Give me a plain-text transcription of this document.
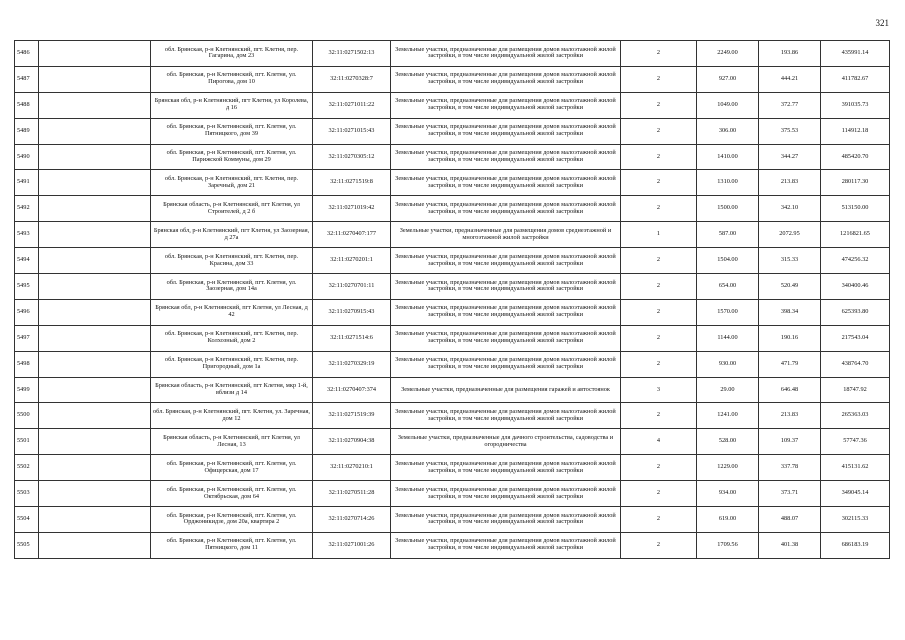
321
5486		обл. Брянская, р-н Клетнянский, пгт. Клетня, пер. Гагарина, дом 23	32:11:0271502:13	Земельные участки, предназначенные для размещения домов малоэтажной жилой застройки, в том числе индивидуальной жилой застройки	2	2249.00	193.86	435991.14
5487		обл. Брянская, р-н Клетнянский, пгт. Клетня, ул. Пирогова, дом 10	32:11:0270328:7	Земельные участки, предназначенные для размещения домов малоэтажной жилой застройки, в том числе индивидуальной жилой застройки	2	927.00	444.21	411782.67
5488		Брянская обл, р-н Клетнянский, пгт Клетня, ул Королева, д 16	32:11:0271011:22	Земельные участки, предназначенные для размещения домов малоэтажной жилой застройки, в том числе индивидуальной жилой застройки	2	1049.00	372.77	391035.73
5489		обл. Брянская, р-н Клетнянский, пгт. Клетня, ул. Пятницкого, дом 39	32:11:0271015:43	Земельные участки, предназначенные для размещения домов малоэтажной жилой застройки, в том числе индивидуальной жилой застройки	2	306.00	375.53	114912.18
5490		обл. Брянская, р-н Клетнянский, пгт. Клетня, ул. Парижской Коммуны, дом 29	32:11:0270305:12	Земельные участки, предназначенные для размещения домов малоэтажной жилой застройки, в том числе индивидуальной жилой застройки	2	1410.00	344.27	485420.70
5491		обл. Брянская, р-н Клетнянский, пгт. Клетня, пер. Заречный, дом 21	32:11:0271519:8	Земельные участки, предназначенные для размещения домов малоэтажной жилой застройки, в том числе индивидуальной жилой застройки	2	1310.00	213.83	280117.30
5492		Брянская область, р-н Клетнянский, пгт Клетня, ул Строителей, д 2 б	32:11:0271019:42	Земельные участки, предназначенные для размещения домов малоэтажной жилой застройки, в том числе индивидуальной жилой застройки	2	1500.00	342.10	513150.00
5493		Брянская обл, р-н Клетнянский, пгт Клетня, ул Заозерная, д 27а	32:11:0270407:177	Земельные участки, предназначенные для размещения домов среднеэтажной и многоэтажной жилой застройки	1	587.00	2072.95	1216821.65
5494		обл. Брянская, р-н Клетнянский, пгт. Клетня, пер. Красина, дом 33	32:11:0270201:1	Земельные участки, предназначенные для размещения домов малоэтажной жилой застройки, в том числе индивидуальной жилой застройки	2	1504.00	315.33	474256.32
5495		обл. Брянская, р-н Клетнянский, пгт. Клетня, ул. Заозерная, дом 14а	32:11:0270701:11	Земельные участки, предназначенные для размещения домов малоэтажной жилой застройки, в том числе индивидуальной жилой застройки	2	654.00	520.49	340400.46
5496		Брянская обл, р-н Клетнянский, пгт Клетня, ул Лесная, д 42	32:11:0270915:43	Земельные участки, предназначенные для размещения домов малоэтажной жилой застройки, в том числе индивидуальной жилой застройки	2	1570.00	398.34	625393.80
5497		обл. Брянская, р-н Клетнянский, пгт. Клетня, пер. Колхозный, дом 2	32:11:0271514:6	Земельные участки, предназначенные для размещения домов малоэтажной жилой застройки, в том числе индивидуальной жилой застройки	2	1144.00	190.16	217543.04
5498		обл. Брянская, р-н Клетнянский, пгт. Клетня, пер. Пригородный, дом 1а	32:11:0270329:19	Земельные участки, предназначенные для размещения домов малоэтажной жилой застройки, в том числе индивидуальной жилой застройки	2	930.00	471.79	438764.70
5499		Брянская область, р-н Клетнянский, пгт Клетня, мкр 1-й, вблизи д 14	32:11:0270407:374	Земельные участки, предназначенные для размещения гаражей и автостоянок	3	29.00	646.48	18747.92
5500		обл. Брянская, р-н Клетнянский, пгт. Клетня, ул. Заречная, дом 12	32:11:0271519:39	Земельные участки, предназначенные для размещения домов малоэтажной жилой застройки, в том числе индивидуальной жилой застройки	2	1241.00	213.83	265363.03
5501		Брянская область, р-н Клетнянский, пгт Клетня, ул Лесная, 13	32:11:0270904:38	Земельные участки, предназначенные для дачного строительства, садоводства и огородничества	4	528.00	109.37	57747.36
5502		обл. Брянская, р-н Клетнянский, пгт. Клетня, ул. Офицерская, дом 17	32:11:0270210:1	Земельные участки, предназначенные для размещения домов малоэтажной жилой застройки, в том числе индивидуальной жилой застройки	2	1229.00	337.78	415131.62
5503		обл. Брянская, р-н Клетнянский, пгт. Клетня, ул. Октябрьская, дом 64	32:11:0270511:28	Земельные участки, предназначенные для размещения домов малоэтажной жилой застройки, в том числе индивидуальной жилой застройки	2	934.00	373.71	349045.14
5504		обл. Брянская, р-н Клетнянский, пгт. Клетня, ул. Орджоникидзе, дом 20а, квартира 2	32:11:0270714:26	Земельные участки, предназначенные для размещения домов малоэтажной жилой застройки, в том числе индивидуальной жилой застройки	2	619.00	488.07	302115.33
5505		обл. Брянская, р-н Клетнянский, пгт. Клетня, ул. Пятницкого, дом 11	32:11:0271001:26	Земельные участки, предназначенные для размещения домов малоэтажной жилой застройки, в том числе индивидуальной жилой застройки	2	1709.56	401.38	686183.19
